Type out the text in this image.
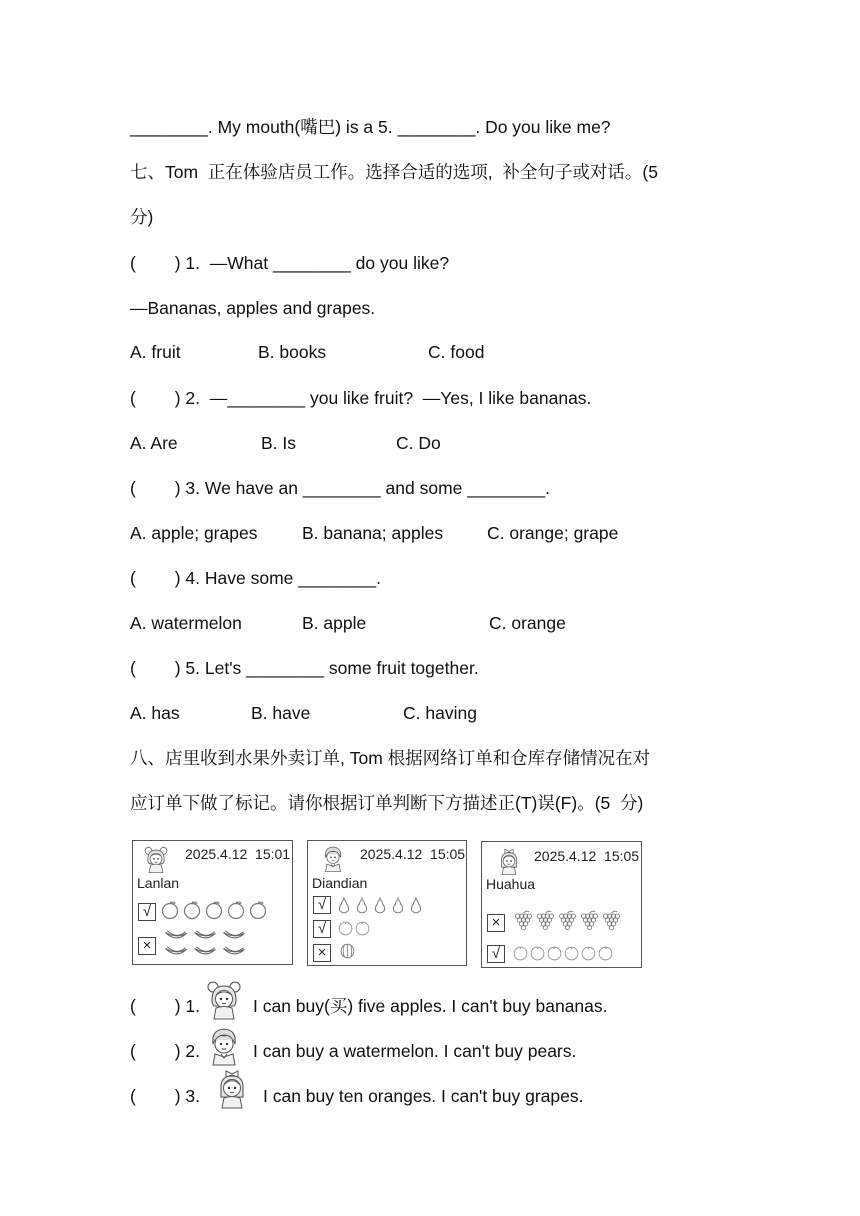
________. My mouth(嘴巴) is a 5. ________. Do you like me?
七、Tom  正在体验店员工作。选择合适的选项,  补全句子或对话。(5
分)
(        ) 1.  —What ________ do you like?
—Bananas, apples and grapes.
A. fruit	B. books	C. food
(        ) 2.  —________ you like fruit?  —Yes, I like bananas.
A. Are	B. Is	C. Do
(        ) 3. We have an ________ and some ________.
A. apple; grapes	B. banana; apples	C. orange; grape
(        ) 4. Have some ________.
A. watermelon	B. apple	C. orange
(        ) 5. Let's ________ some fruit together.
A. has	B. have	C. having
八、店里收到水果外卖订单, Tom 根据网络订单和仓库存储情况在对
应订单下做了标记。请你根据订单判断下方描述正(T)误(F)。(5  分)
2025.4.12  15:01
Lanlan
√
×
2025.4.12  15:05
Diandian
√
√
×
2025.4.12  15:05
Huahua
×
√
(        ) 1.	I can buy(买) five apples. I can't buy bananas.
(        ) 2.	I can buy a watermelon. I can't buy pears.
(        ) 3.	I can buy ten oranges. I can't buy grapes.
